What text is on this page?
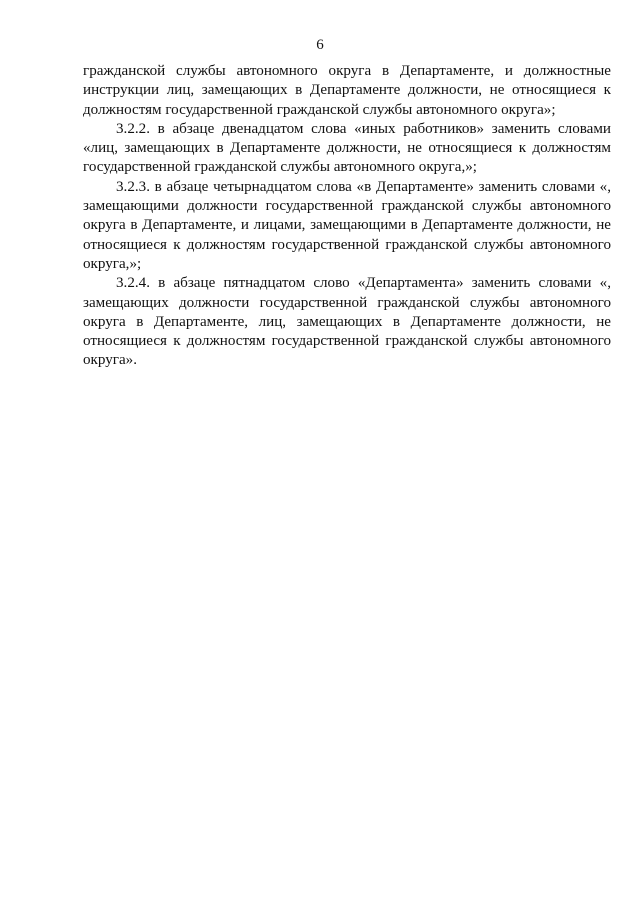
6

гражданской службы автономного округа в Департаменте, и должностные инструкции лиц, замещающих в Департаменте должности, не относящиеся к должностям государственной гражданской службы автономного округа»;

3.2.2. в абзаце двенадцатом слова «иных работников» заменить словами «лиц, замещающих в Департаменте должности, не относящиеся к должностям государственной гражданской службы автономного округа,»;

3.2.3. в абзаце четырнадцатом слова «в Департаменте» заменить словами «, замещающими должности государственной гражданской службы автономного округа в Департаменте, и лицами, замещающими в Департаменте должности, не относящиеся к должностям государственной гражданской службы автономного округа,»;

3.2.4. в абзаце пятнадцатом слово «Департамента» заменить словами «, замещающих должности государственной гражданской службы автономного округа в Департаменте, лиц, замещающих в Департаменте должности, не относящиеся к должностям государственной гражданской службы автономного округа».
